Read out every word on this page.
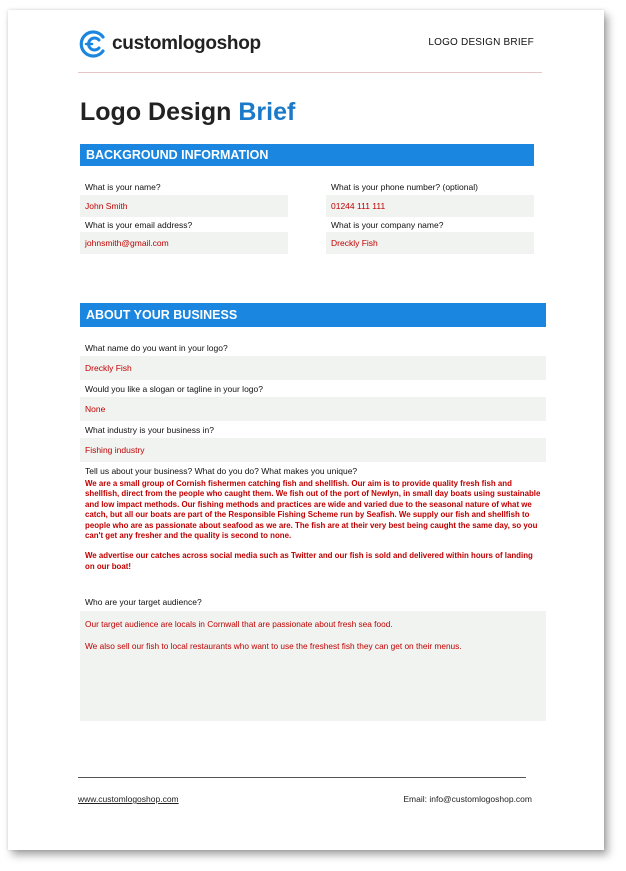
customlogoshop	LOGO DESIGN BRIEF
Logo Design Brief
BACKGROUND INFORMATION
What is your name?
John Smith
What is your phone number? (optional)
01244 111 111
What is your email address?
johnsmith@gmail.com
What is your company name?
Dreckly Fish
ABOUT YOUR BUSINESS
What name do you want in your logo?
Dreckly Fish
Would you like a slogan or tagline in your logo?
None
What industry is your business in?
Fishing industry
Tell us about your business? What do you do? What makes you unique?

We are a small group of Cornish fishermen catching fish and shellfish. Our aim is to provide quality fresh fish and shellfish, direct from the people who caught them. We fish out of the port of Newlyn, in small day boats using sustainable and low impact methods. Our fishing methods and practices are wide and varied due to the seasonal nature of what we catch, but all our boats are part of the Responsible Fishing Scheme run by Seafish. We supply our fish and shellfish to people who are as passionate about seafood as we are. The fish are at their very best being caught the same day, so you can't get any fresher and the quality is second to none.

We advertise our catches across social media such as Twitter and our fish is sold and delivered within hours of landing on our boat!

Who are your target audience?

Our target audience are locals in Cornwall that are passionate about fresh sea food.

We also sell our fish to local restaurants who want to use the freshest fish they can get on their menus.

www.customlogoshop.com	Email: info@customlogoshop.com
